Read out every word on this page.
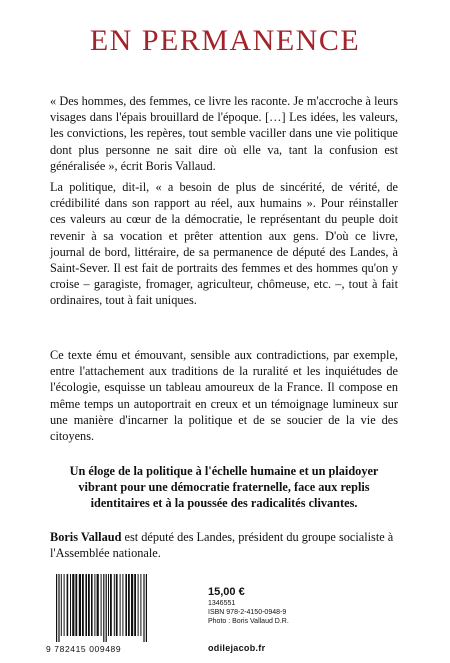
EN PERMANENCE

« Des hommes, des femmes, ce livre les raconte. Je m'accroche à leurs visages dans l'épais brouillard de l'époque. […] Les idées, les valeurs, les convictions, les repères, tout semble vaciller dans une vie politique dont plus personne ne sait dire où elle va, tant la confusion est généralisée », écrit Boris Vallaud.

La politique, dit-il, « a besoin de plus de sincérité, de vérité, de crédibilité dans son rapport au réel, aux humains ». Pour réinstaller ces valeurs au cœur de la démocratie, le représentant du peuple doit revenir à sa vocation et prêter attention aux gens. D'où ce livre, journal de bord, littéraire, de sa permanence de député des Landes, à Saint-Sever. Il est fait de portraits des femmes et des hommes qu'on y croise – garagiste, fromager, agriculteur, chômeuse, etc. –, tout à fait ordinaires, tout à fait uniques.

Ce texte ému et émouvant, sensible aux contradictions, par exemple, entre l'attachement aux traditions de la ruralité et les inquiétudes de l'écologie, esquisse un tableau amoureux de la France. Il compose en même temps un autoportrait en creux et un témoignage lumineux sur une manière d'incarner la politique et de se soucier de la vie des citoyens.

Un éloge de la politique à l'échelle humaine et un plaidoyer vibrant pour une démocratie fraternelle, face aux replis identitaires et à la poussée des radicalités clivantes.

Boris Vallaud est député des Landes, président du groupe socialiste à l'Assemblée nationale.

9 782415 009489
15,00 €
1346551
ISBN 978-2-4150-0948-9
Photo : Boris Vallaud D.R.
odilejacob.fr
